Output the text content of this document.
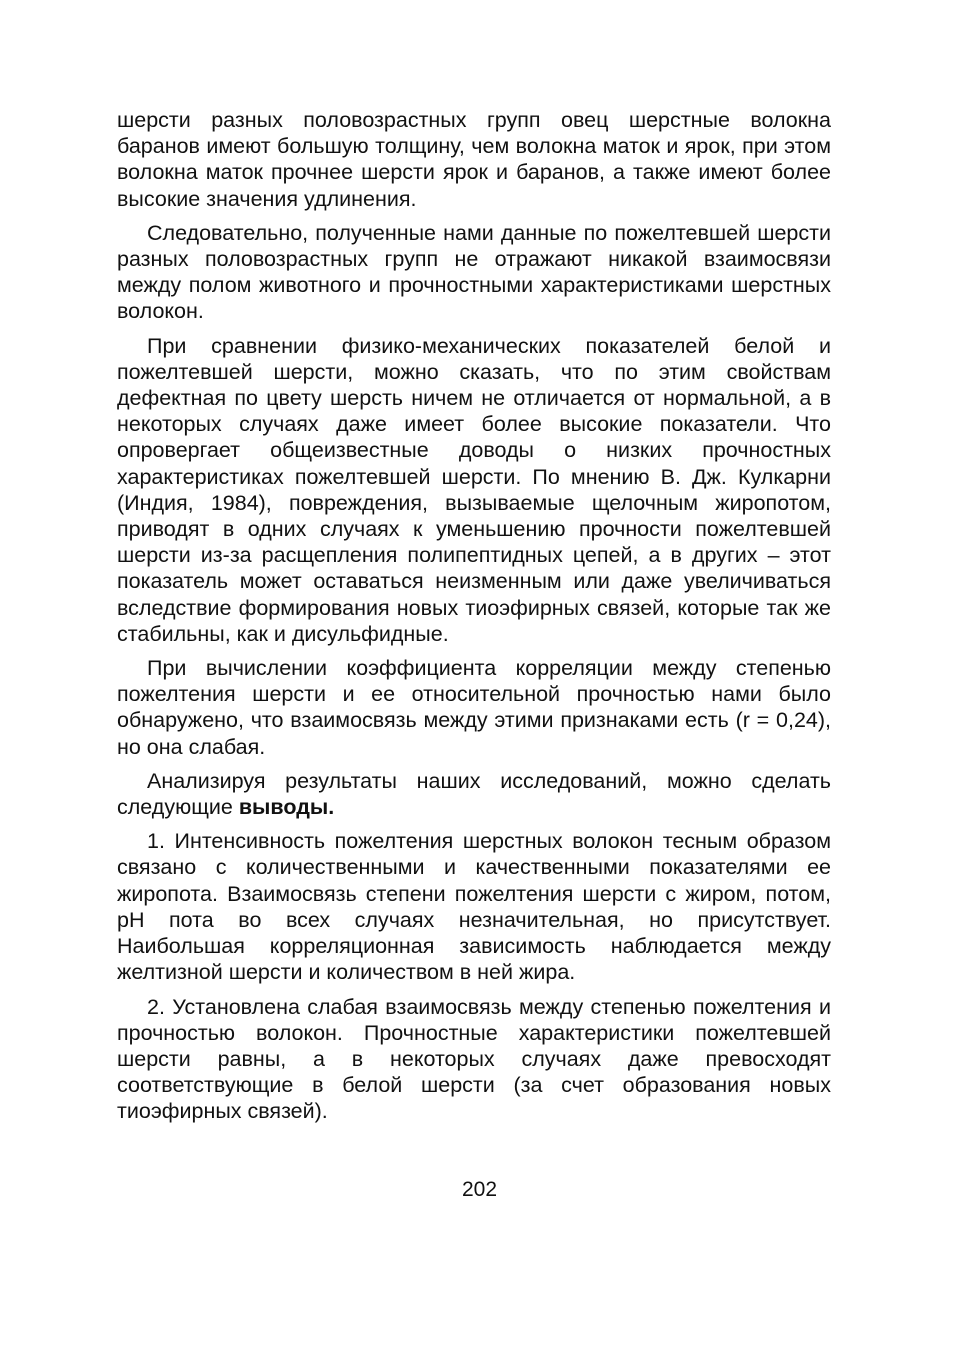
шерсти разных половозрастных групп овец шерстные волокна баранов имеют большую толщину, чем волокна маток и ярок, при этом волокна маток прочнее шерсти ярок и баранов, а также имеют более высокие значения удлинения.

Следовательно, полученные нами данные по пожелтевшей шерсти разных половозрастных групп не отражают никакой взаимосвязи между полом животного и прочностными характеристиками шерстных волокон.

При сравнении физико-механических показателей белой и пожелтевшей шерсти, можно сказать, что по этим свойствам дефектная по цвету шерсть ничем не отличается от нормальной, а в некоторых случаях даже имеет более высокие показатели. Что опровергает общеизвестные доводы о низких прочностных характеристиках пожелтевшей шерсти. По мнению В. Дж. Кулкарни (Индия, 1984), повреждения, вызываемые щелочным жиропотом, приводят в одних случаях к уменьшению прочности пожелтевшей шерсти из-за расщепления полипептидных цепей, а в других – этот показатель может оставаться неизменным или даже увеличиваться вследствие формирования новых тиоэфирных связей, которые так же стабильны, как и дисульфидные.

При вычислении коэффициента корреляции между степенью пожелтения шерсти и ее относительной прочностью нами было обнаружено, что взаимосвязь между этими признаками есть (r = 0,24), но она слабая.

Анализируя результаты наших исследований, можно сделать следующие выводы.

1. Интенсивность пожелтения шерстных волокон тесным образом связано с количественными и качественными показателями ее жиропота. Взаимосвязь степени пожелтения шерсти с жиром, потом, pH пота во всех случаях незначительная, но присутствует. Наибольшая корреляционная зависимость наблюдается между желтизной шерсти и количеством в ней жира.

2. Установлена слабая взаимосвязь между степенью пожелтения и прочностью волокон. Прочностные характеристики пожелтевшей шерсти равны, а в некоторых случаях даже превосходят соответствующие в белой шерсти (за счет образования новых тиоэфирных связей).

202
